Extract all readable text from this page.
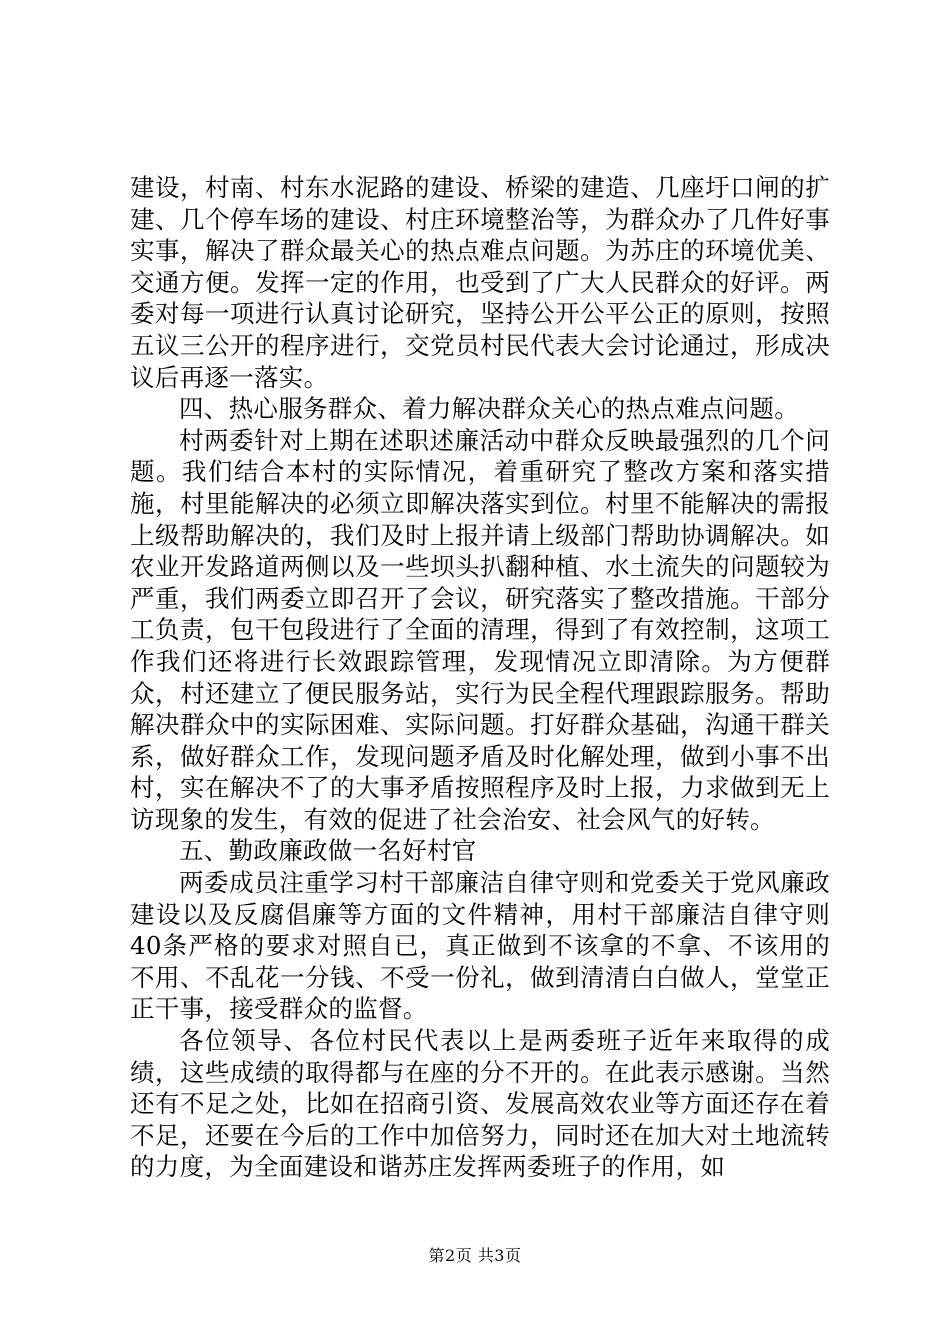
建设，村南、村东水泥路的建设、桥梁的建造、几座圩口闸的扩建、几个停车场的建设、村庄环境整治等，为群众办了几件好事实事，解决了群众最关心的热点难点问题。为苏庄的环境优美、交通方便。发挥一定的作用，也受到了广大人民群众的好评。两委对每一项进行认真讨论研究，坚持公开公平公正的原则，按照五议三公开的程序进行，交党员村民代表大会讨论通过，形成决议后再逐一落实。

四、热心服务群众、着力解决群众关心的热点难点问题。

村两委针对上期在述职述廉活动中群众反映最强烈的几个问题。我们结合本村的实际情况，着重研究了整改方案和落实措施，村里能解决的必须立即解决落实到位。村里不能解决的需报上级帮助解决的，我们及时上报并请上级部门帮助协调解决。如农业开发路道两侧以及一些坝头扒翻种植、水土流失的问题较为严重，我们两委立即召开了会议，研究落实了整改措施。干部分工负责，包干包段进行了全面的清理，得到了有效控制，这项工作我们还将进行长效跟踪管理，发现情况立即清除。为方便群众，村还建立了便民服务站，实行为民全程代理跟踪服务。帮助解决群众中的实际困难、实际问题。打好群众基础，沟通干群关系，做好群众工作，发现问题矛盾及时化解处理，做到小事不出村，实在解决不了的大事矛盾按照程序及时上报，力求做到无上访现象的发生，有效的促进了社会治安、社会风气的好转。

五、勤政廉政做一名好村官

两委成员注重学习村干部廉洁自律守则和党委关于党风廉政建设以及反腐倡廉等方面的文件精神，用村干部廉洁自律守则40条严格的要求对照自已，真正做到不该拿的不拿、不该用的不用、不乱花一分钱、不受一份礼，做到清清白白做人，堂堂正正干事，接受群众的监督。

各位领导、各位村民代表以上是两委班子近年来取得的成绩，这些成绩的取得都与在座的分不开的。在此表示感谢。当然还有不足之处，比如在招商引资、发展高效农业等方面还存在着不足，还要在今后的工作中加倍努力，同时还在加大对土地流转的力度，为全面建设和谐苏庄发挥两委班子的作用，如

第2页 共3页
